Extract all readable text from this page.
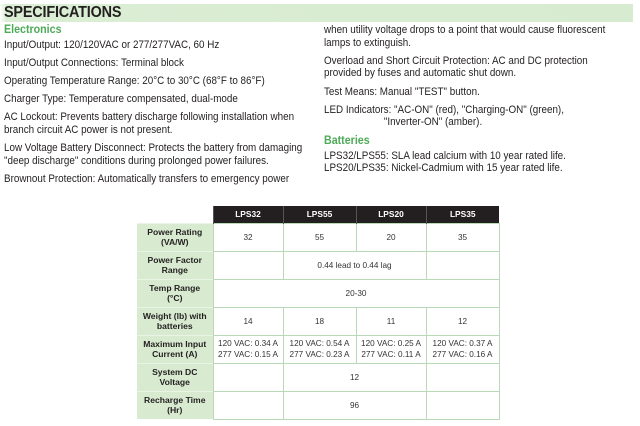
SPECIFICATIONS
Electronics
Input/Output: 120/120VAC or 277/277VAC, 60 Hz
Input/Output Connections: Terminal block
Operating Temperature Range: 20°C to 30°C (68°F to 86°F)
Charger Type: Temperature compensated, dual-mode
AC Lockout: Prevents battery discharge following installation when
branch circuit AC power is not present.
Low Voltage Battery Disconnect: Protects the battery from damaging
"deep discharge" conditions during prolonged power failures.
Brownout Protection: Automatically transfers to emergency power
when utility voltage drops to a point that would cause fluorescent
lamps to extinguish.
Overload and Short Circuit Protection: AC and DC protection
provided by fuses and automatic shut down.
Test Means: Manual "TEST" button.
LED Indicators: "AC-ON" (red), "Charging-ON" (green),
"Inverter-ON" (amber).
Batteries
LPS32/LPS55: SLA lead calcium with 10 year rated life.
LPS20/LPS35: Nickel-Cadmium with 15 year rated life.
	LPS32	LPS55	LPS20	LPS35

Power Rating
(VA/W)	32	55	20	35

Power Factor
Range		0.44 lead to 0.44 lag		

Temp Range
(°C)	20-30			

Weight (lb) with
batteries	14	18	11	12

Maximum Input
Current (A)	120 VAC: 0.34 A
277 VAC: 0.15 A	120 VAC: 0.54 A
277 VAC: 0.23 A	120 VAC: 0.25 A
277 VAC: 0.11 A	120 VAC: 0.37 A
277 VAC: 0.16 A

System DC
Voltage		12		

Recharge Time
(Hr)		96		
